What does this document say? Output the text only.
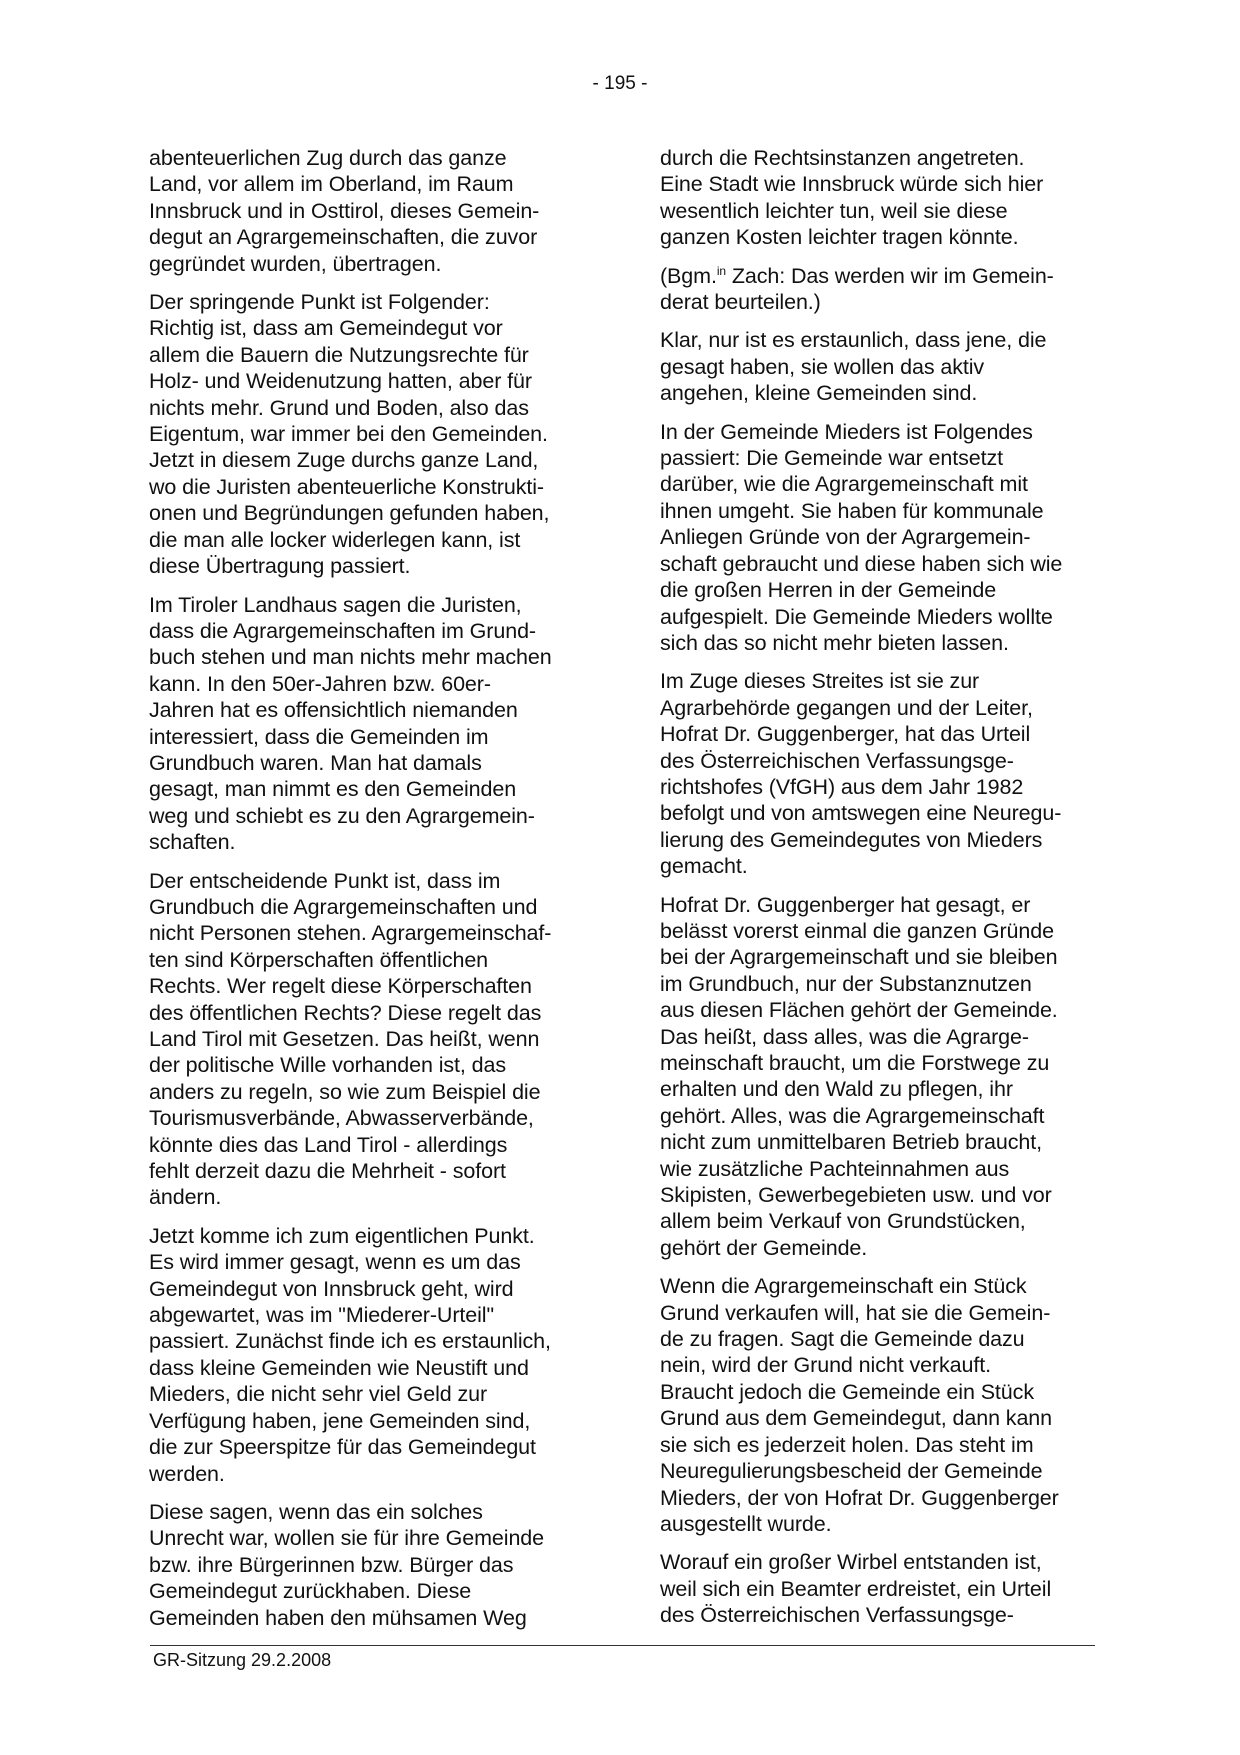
- 195 -

abenteuerlichen Zug durch das ganze
Land, vor allem im Oberland, im Raum
Innsbruck und in Osttirol, dieses Gemein-
degut an Agrargemeinschaften, die zuvor
gegründet wurden, übertragen.

Der springende Punkt ist Folgender:
Richtig ist, dass am Gemeindegut vor
allem die Bauern die Nutzungsrechte für
Holz- und Weidenutzung hatten, aber für
nichts mehr. Grund und Boden, also das
Eigentum, war immer bei den Gemeinden.
Jetzt in diesem Zuge durchs ganze Land,
wo die Juristen abenteuerliche Konstrukti-
onen und Begründungen gefunden haben,
die man alle locker widerlegen kann, ist
diese Übertragung passiert.

Im Tiroler Landhaus sagen die Juristen,
dass die Agrargemeinschaften im Grund-
buch stehen und man nichts mehr machen
kann. In den 50er-Jahren bzw. 60er-
Jahren hat es offensichtlich niemanden
interessiert, dass die Gemeinden im
Grundbuch waren. Man hat damals
gesagt, man nimmt es den Gemeinden
weg und schiebt es zu den Agrargemein-
schaften.

Der entscheidende Punkt ist, dass im
Grundbuch die Agrargemeinschaften und
nicht Personen stehen. Agrargemeinschaf-
ten sind Körperschaften öffentlichen
Rechts. Wer regelt diese Körperschaften
des öffentlichen Rechts? Diese regelt das
Land Tirol mit Gesetzen. Das heißt, wenn
der politische Wille vorhanden ist, das
anders zu regeln, so wie zum Beispiel die
Tourismusverbände, Abwasserverbände,
könnte dies das Land Tirol - allerdings
fehlt derzeit dazu die Mehrheit - sofort
ändern.

Jetzt komme ich zum eigentlichen Punkt.
Es wird immer gesagt, wenn es um das
Gemeindegut von Innsbruck geht, wird
abgewartet, was im "Miederer-Urteil"
passiert. Zunächst finde ich es erstaunlich,
dass kleine Gemeinden wie Neustift und
Mieders, die nicht sehr viel Geld zur
Verfügung haben, jene Gemeinden sind,
die zur Speerspitze für das Gemeindegut
werden.

Diese sagen, wenn das ein solches
Unrecht war, wollen sie für ihre Gemeinde
bzw. ihre Bürgerinnen bzw. Bürger das
Gemeindegut zurückhaben. Diese
Gemeinden haben den mühsamen Weg

durch die Rechtsinstanzen angetreten.
Eine Stadt wie Innsbruck würde sich hier
wesentlich leichter tun, weil sie diese
ganzen Kosten leichter tragen könnte.

(Bgm.$^{in}$ Zach: Das werden wir im Gemein-
derat beurteilen.)

Klar, nur ist es erstaunlich, dass jene, die
gesagt haben, sie wollen das aktiv
angehen, kleine Gemeinden sind.

In der Gemeinde Mieders ist Folgendes
passiert: Die Gemeinde war entsetzt
darüber, wie die Agrargemeinschaft mit
ihnen umgeht. Sie haben für kommunale
Anliegen Gründe von der Agrargemein-
schaft gebraucht und diese haben sich wie
die großen Herren in der Gemeinde
aufgespielt. Die Gemeinde Mieders wollte
sich das so nicht mehr bieten lassen.

Im Zuge dieses Streites ist sie zur
Agrarbehörde gegangen und der Leiter,
Hofrat Dr. Guggenberger, hat das Urteil
des Österreichischen Verfassungsge-
richtshofes (VfGH) aus dem Jahr 1982
befolgt und von amtswegen eine Neuregu-
lierung des Gemeindegutes von Mieders
gemacht.

Hofrat Dr. Guggenberger hat gesagt, er
belässt vorerst einmal die ganzen Gründe
bei der Agrargemeinschaft und sie bleiben
im Grundbuch, nur der Substanznutzen
aus diesen Flächen gehört der Gemeinde.
Das heißt, dass alles, was die Agrarge-
meinschaft braucht, um die Forstwege zu
erhalten und den Wald zu pflegen, ihr
gehört. Alles, was die Agrargemeinschaft
nicht zum unmittelbaren Betrieb braucht,
wie zusätzliche Pachteinnahmen aus
Skipisten, Gewerbegebieten usw. und vor
allem beim Verkauf von Grundstücken,
gehört der Gemeinde.

Wenn die Agrargemeinschaft ein Stück
Grund verkaufen will, hat sie die Gemein-
de zu fragen. Sagt die Gemeinde dazu
nein, wird der Grund nicht verkauft.
Braucht jedoch die Gemeinde ein Stück
Grund aus dem Gemeindegut, dann kann
sie sich es jederzeit holen. Das steht im
Neuregulierungsbescheid der Gemeinde
Mieders, der von Hofrat Dr. Guggenberger
ausgestellt wurde.

Worauf ein großer Wirbel entstanden ist,
weil sich ein Beamter erdreistet, ein Urteil
des Österreichischen Verfassungsge-

GR-Sitzung 29.2.2008
